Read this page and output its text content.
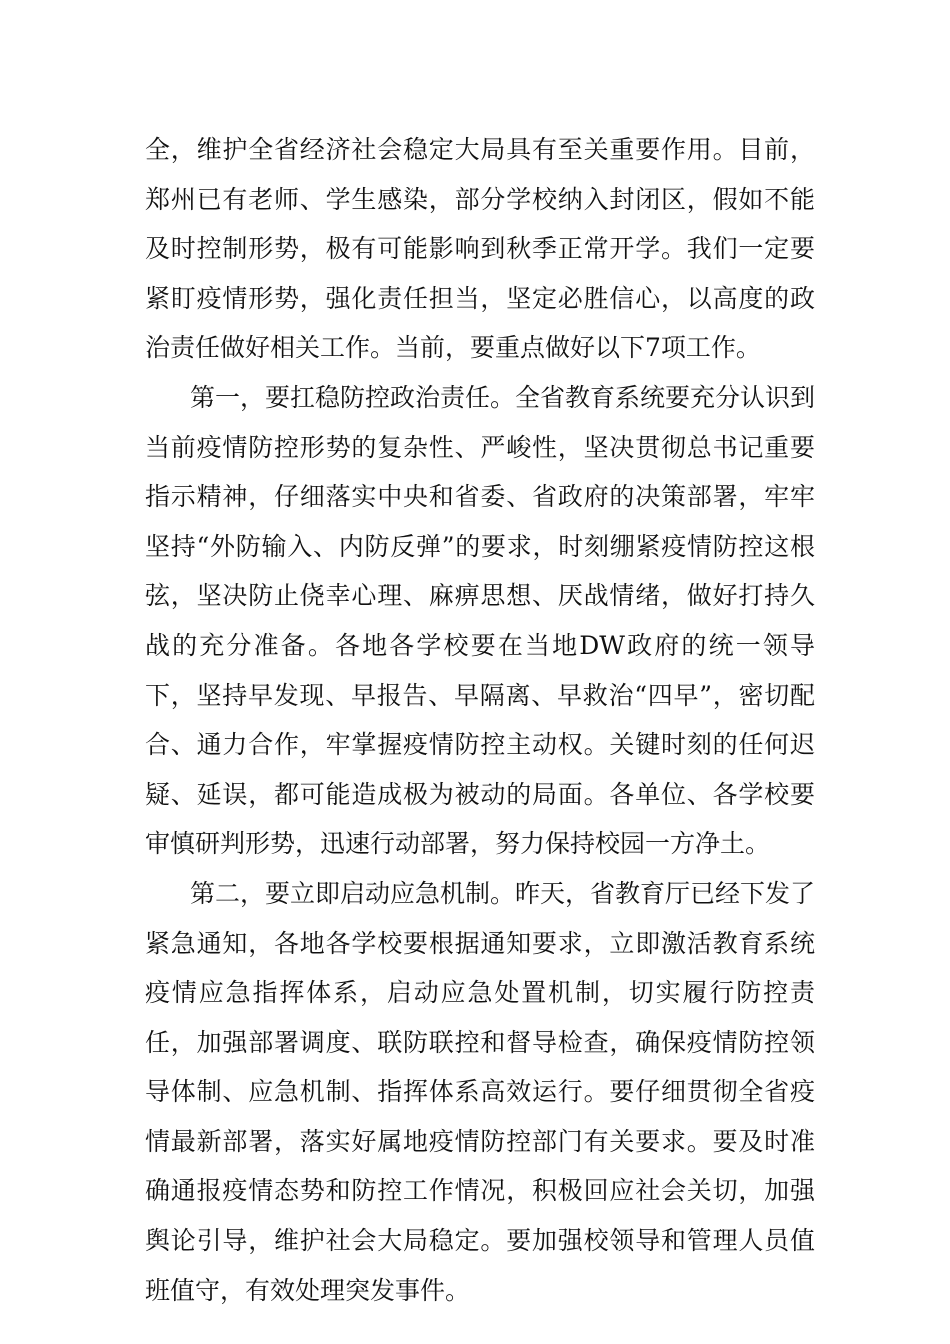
全，维护全省经济社会稳定大局具有至关重要作用。目前，郑州已有老师、学生感染，部分学校纳入封闭区，假如不能及时控制形势，极有可能影响到秋季正常开学。我们一定要紧盯疫情形势，强化责任担当，坚定必胜信心，以高度的政治责任做好相关工作。当前，要重点做好以下7项工作。

第一，要扛稳防控政治责任。全省教育系统要充分认识到当前疫情防控形势的复杂性、严峻性，坚决贯彻总书记重要指示精神，仔细落实中央和省委、省政府的决策部署，牢牢坚持“外防输入、内防反弹”的要求，时刻绷紧疫情防控这根弦，坚决防止侥幸心理、麻痹思想、厌战情绪，做好打持久战的充分准备。各地各学校要在当地DW政府的统一领导下，坚持早发现、早报告、早隔离、早救治“四早”，密切配合、通力合作，牢掌握疫情防控主动权。关键时刻的任何迟疑、延误，都可能造成极为被动的局面。各单位、各学校要审慎研判形势，迅速行动部署，努力保持校园一方净土。

第二，要立即启动应急机制。昨天，省教育厅已经下发了紧急通知，各地各学校要根据通知要求，立即激活教育系统疫情应急指挥体系，启动应急处置机制，切实履行防控责任，加强部署调度、联防联控和督导检查，确保疫情防控领导体制、应急机制、指挥体系高效运行。要仔细贯彻全省疫情最新部署，落实好属地疫情防控部门有关要求。要及时准确通报疫情态势和防控工作情况，积极回应社会关切，加强舆论引导，维护社会大局稳定。要加强校领导和管理人员值班值守，有效处理突发事件。
